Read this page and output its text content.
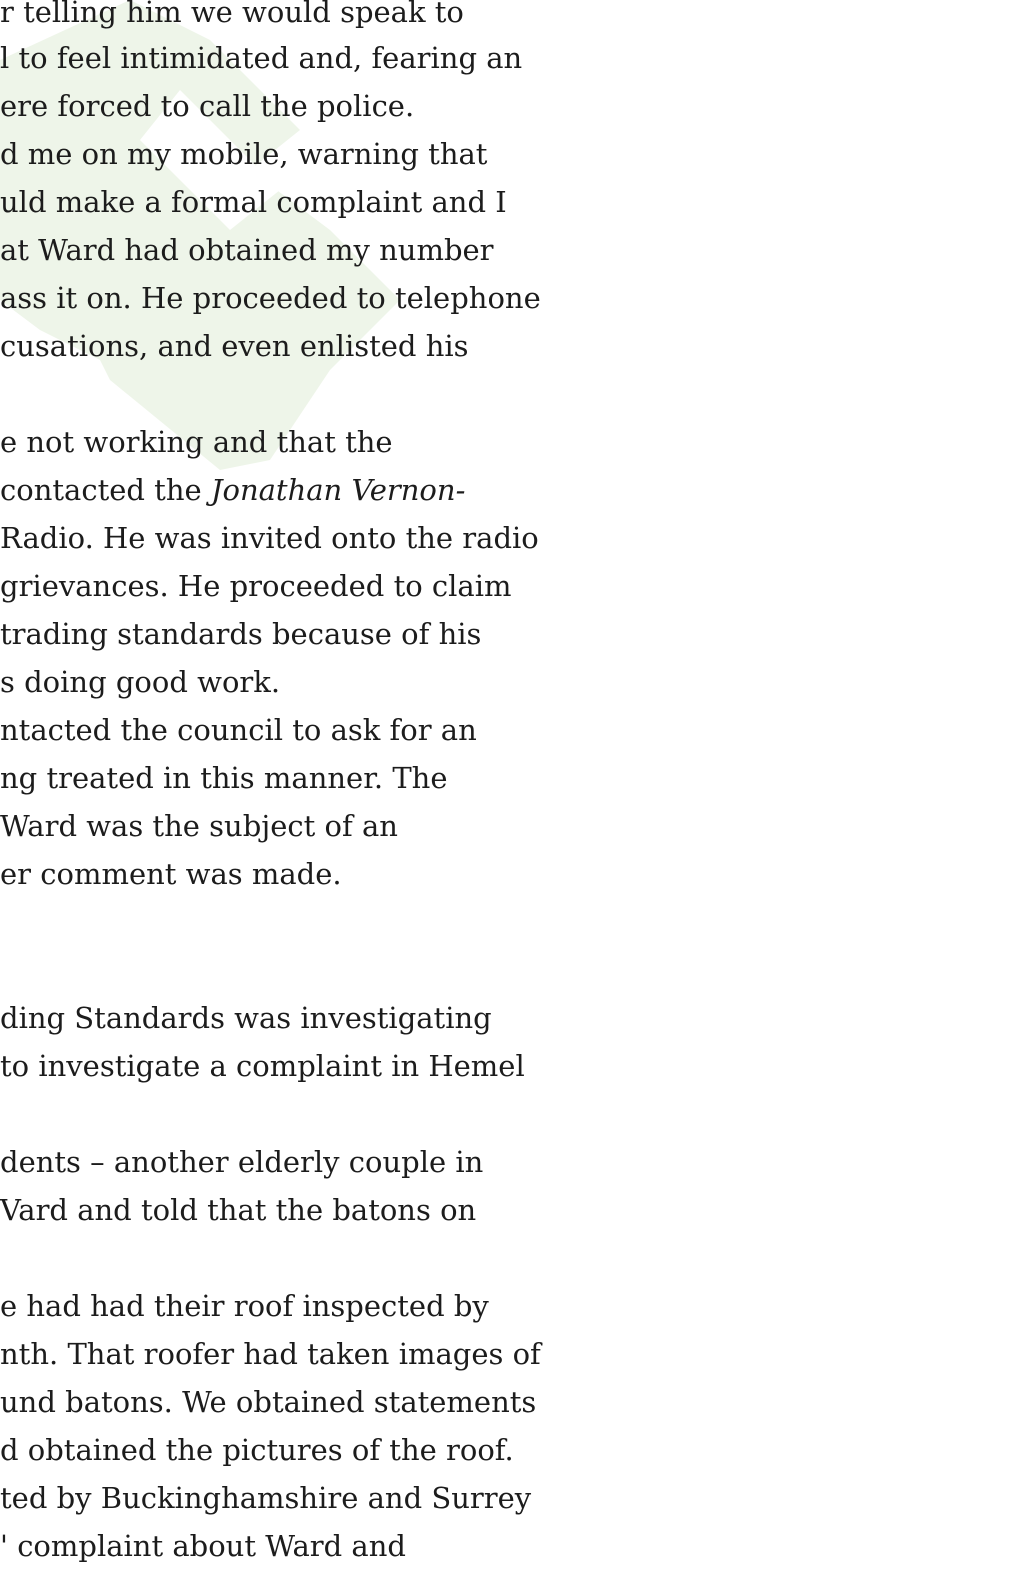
r telling him we would speak to
l to feel intimidated and, fearing an
ere forced to call the police.
d me on my mobile, warning that
uld make a formal complaint and I
at Ward had obtained my number
ass it on. He proceeded to telephone
cusations, and even enlisted his
e not working and that the
contacted the Jonathan Vernon-
Radio. He was invited onto the radio
grievances. He proceeded to claim
trading standards because of his
s doing good work.
ntacted the council to ask for an
ng treated in this manner. The
Ward was the subject of an
er comment was made.
ding Standards was investigating
to investigate a complaint in Hemel
dents – another elderly couple in
Vard and told that the batons on
e had had their roof inspected by
nth. That roofer had taken images of
und batons. We obtained statements
d obtained the pictures of the roof.
ted by Buckinghamshire and Surrey
' complaint about Ward and
